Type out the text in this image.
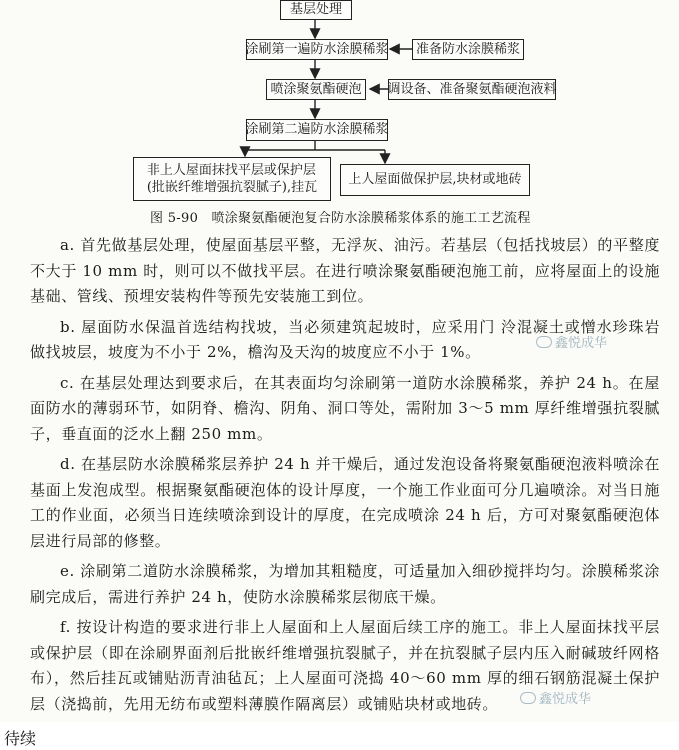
基层处理
涂刷第一遍防水涂膜稀浆	准备防水涂膜稀浆
喷涂聚氨酯硬泡	调设备、准备聚氨酯硬泡液料
涂刷第二遍防水涂膜稀浆
非上人屋面抹找平层或保护层
(批嵌纤维增强抗裂腻子),挂瓦
上人屋面做保护层,块材或地砖
图 5-90　喷涂聚氨酯硬泡复合防水涂膜稀浆体系的施工工艺流程

a. 首先做基层处理，使屋面基层平整，无浮灰、油污。若基层（包括找坡层）的平整度不大于 10 mm 时，则可以不做找平层。在进行喷涂聚氨酯硬泡施工前，应将屋面上的设施基础、管线、预埋安装构件等预先安装施工到位。

b. 屋面防水保温首选结构找坡，当必须建筑起坡时，应采用门 泠混凝土或憎水珍珠岩做找坡层，坡度为不小于 2%，檐沟及天沟的坡度应不小于 1%。

c. 在基层处理达到要求后，在其表面均匀涂刷第一道防水涂膜稀浆，养护 24 h。在屋面防水的薄弱环节，如阴脊、檐沟、阴角、洞口等处，需附加 3～5 mm 厚纤维增强抗裂腻子，垂直面的泛水上翻 250 mm。

d. 在基层防水涂膜稀浆层养护 24 h 并干燥后，通过发泡设备将聚氨酯硬泡液料喷涂在基面上发泡成型。根据聚氨酯硬泡体的设计厚度，一个施工作业面可分几遍喷涂。对当日施工的作业面，必须当日连续喷涂到设计的厚度，在完成喷涂 24 h 后，方可对聚氨酯硬泡体层进行局部的修整。

e. 涂刷第二道防水涂膜稀浆，为增加其粗糙度，可适量加入细砂搅拌均匀。涂膜稀浆涂刷完成后，需进行养护 24 h，使防水涂膜稀浆层彻底干燥。

f. 按设计构造的要求进行非上人屋面和上人屋面后续工序的施工。非上人屋面抹找平层或保护层（即在涂刷界面剂后批嵌纤维增强抗裂腻子，并在抗裂腻子层内压入耐碱玻纤网格布），然后挂瓦或铺贴沥青油毡瓦；上人屋面可浇捣 40～60 mm 厚的细石钢筋混凝土保护层（浇捣前，先用无纺布或塑料薄膜作隔离层）或铺贴块材或地砖。

鑫悦成华
鑫悦成华
待续
